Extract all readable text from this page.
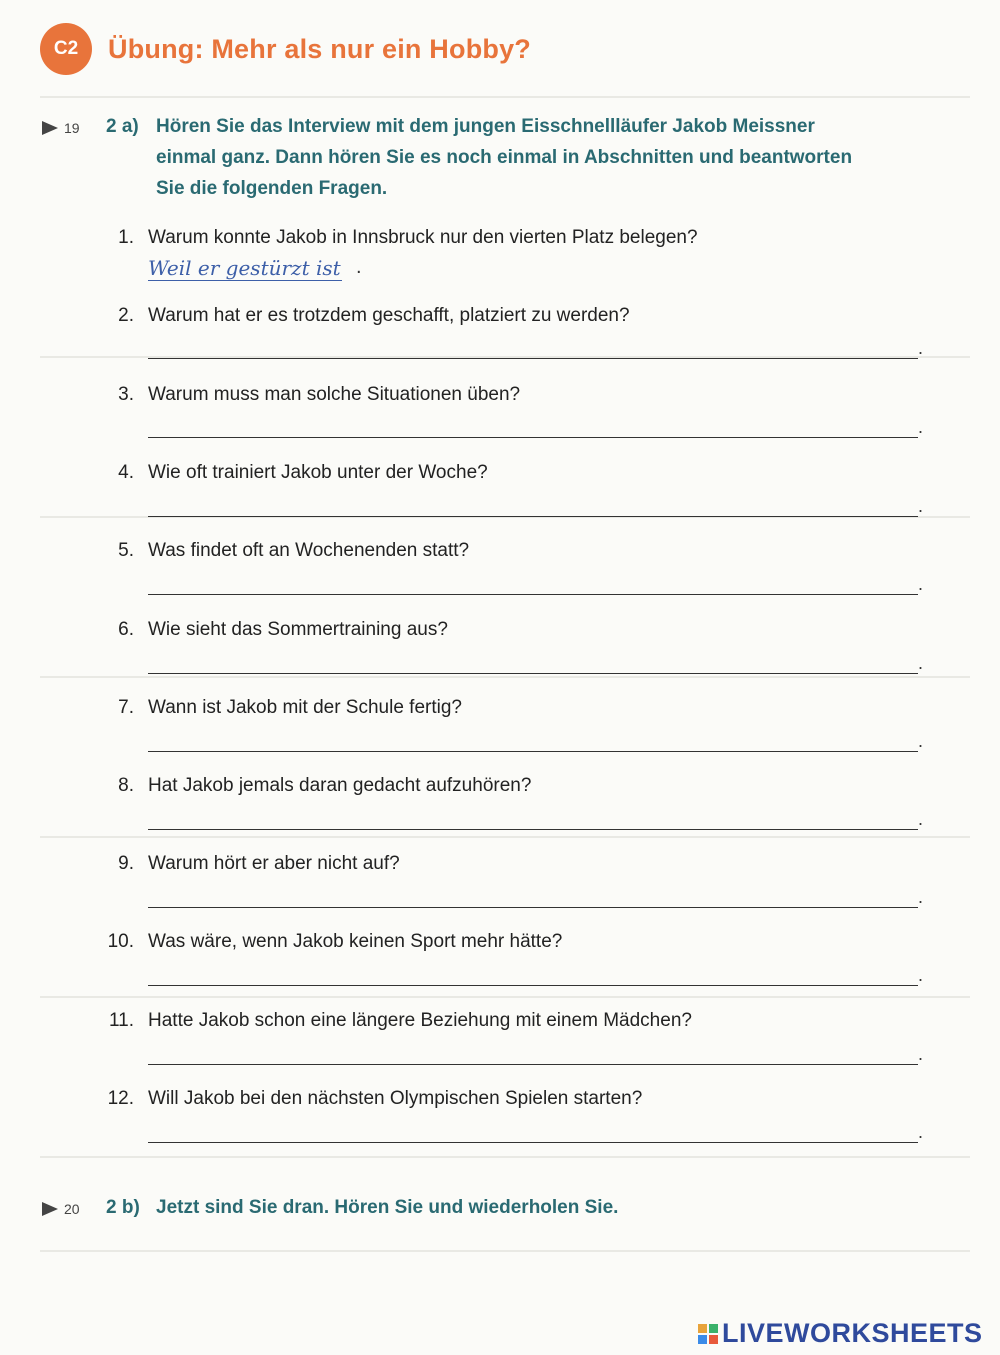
C2	Übung: Mehr als nur ein Hobby?
19 2 a) Hören Sie das Interview mit dem jungen Eisschnellläufer Jakob Meissner
einmal ganz. Dann hören Sie es noch einmal in Abschnitten und beantworten
Sie die folgenden Fragen.
1. Warum konnte Jakob in Innsbruck nur den vierten Platz belegen?
Weil er gestürzt ist .
2. Warum hat er es trotzdem geschafft, platziert zu werden?
.
3. Warum muss man solche Situationen üben?
.
4. Wie oft trainiert Jakob unter der Woche?
.
5. Was findet oft an Wochenenden statt?
.
6. Wie sieht das Sommertraining aus?
.
7. Wann ist Jakob mit der Schule fertig?
.
8. Hat Jakob jemals daran gedacht aufzuhören?
.
9. Warum hört er aber nicht auf?
.
10. Was wäre, wenn Jakob keinen Sport mehr hätte?
.
11. Hatte Jakob schon eine längere Beziehung mit einem Mädchen?
.
12. Will Jakob bei den nächsten Olympischen Spielen starten?
.
20 2 b) Jetzt sind Sie dran. Hören Sie und wiederholen Sie.
LIVEWORKSHEETS
